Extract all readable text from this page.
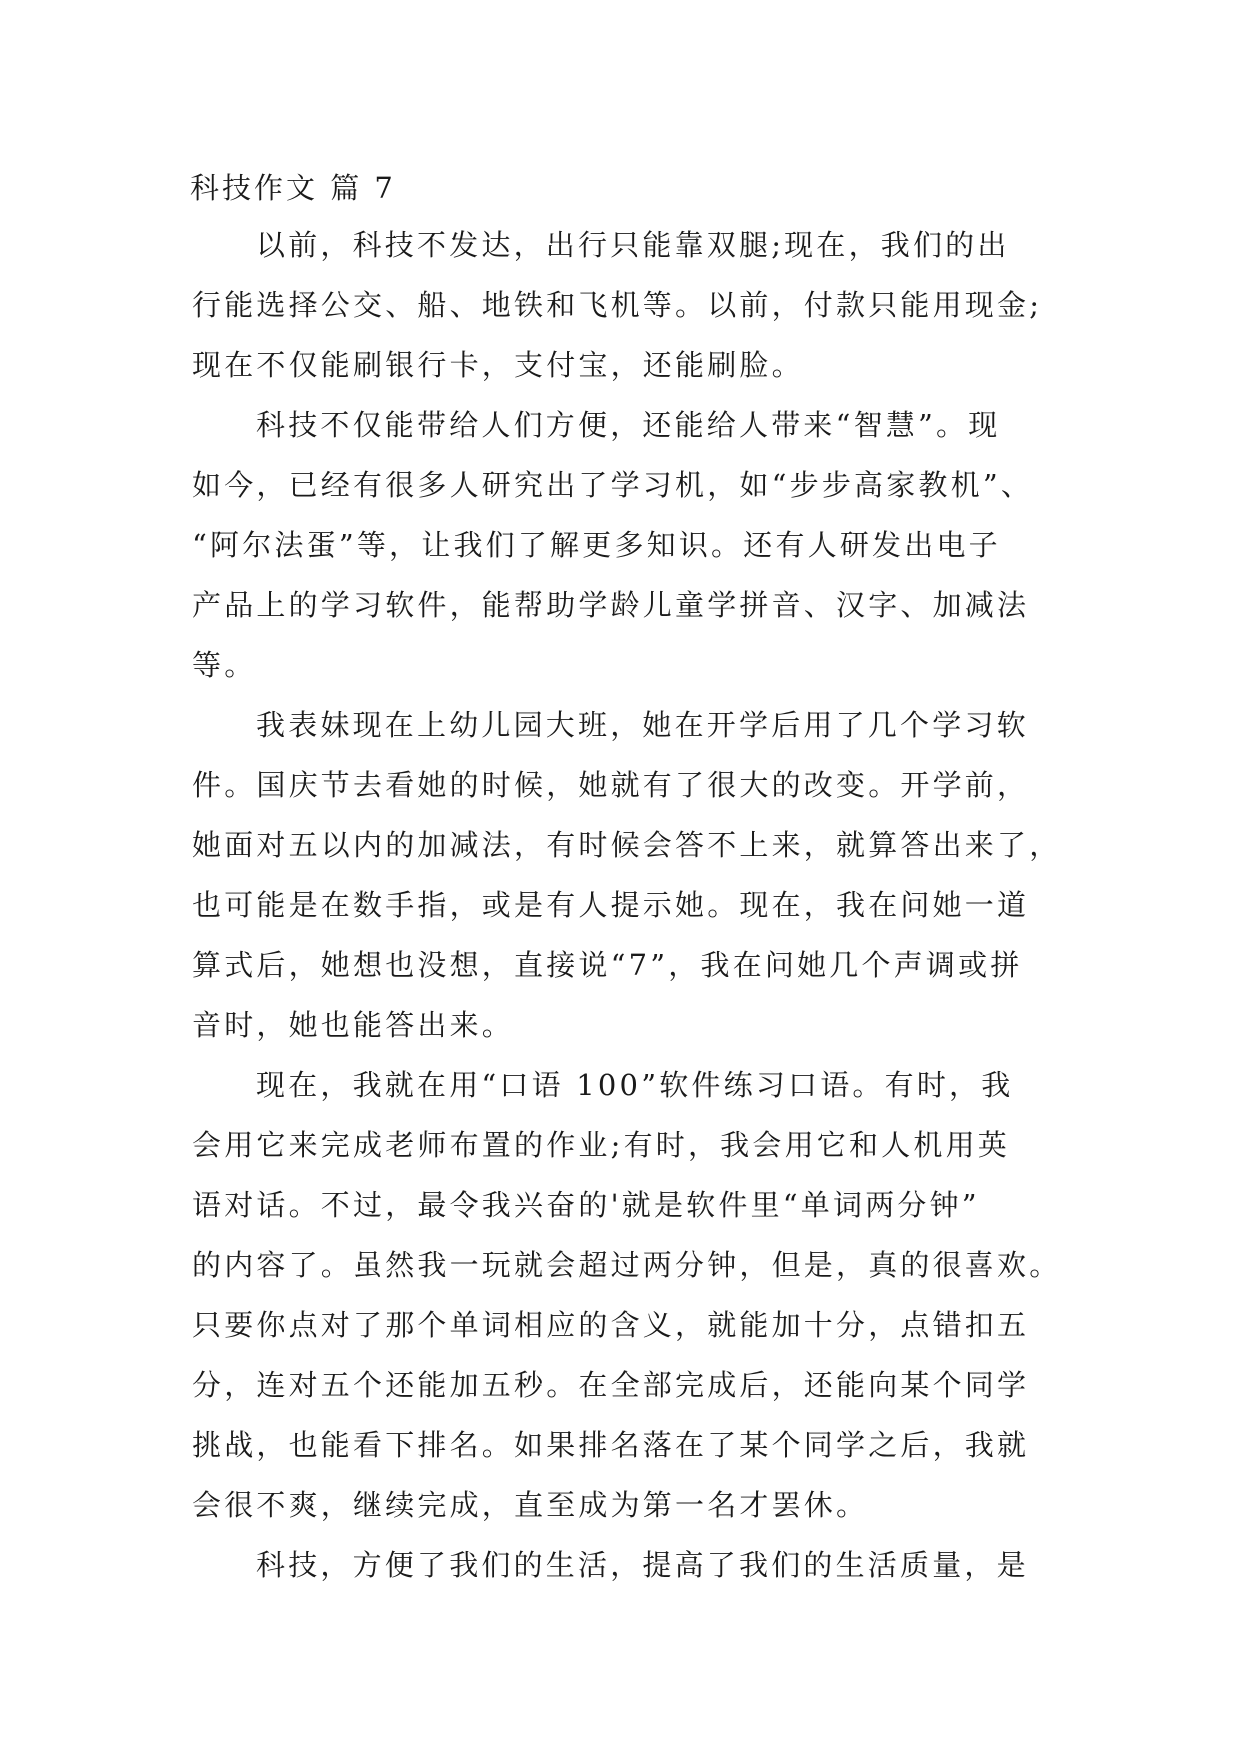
科技作文 篇 7
以前，科技不发达，出行只能靠双腿;现在，我们的出
行能选择公交、船、地铁和飞机等。以前，付款只能用现金;
现在不仅能刷银行卡，支付宝，还能刷脸。
科技不仅能带给人们方便，还能给人带来“智慧”。现
如今，已经有很多人研究出了学习机，如“步步高家教机”、
“阿尔法蛋”等，让我们了解更多知识。还有人研发出电子
产品上的学习软件，能帮助学龄儿童学拼音、汉字、加减法
等。
我表妹现在上幼儿园大班，她在开学后用了几个学习软
件。国庆节去看她的时候，她就有了很大的改变。开学前，
她面对五以内的加减法，有时候会答不上来，就算答出来了，
也可能是在数手指，或是有人提示她。现在，我在问她一道
算式后，她想也没想，直接说“7”，我在问她几个声调或拼
音时，她也能答出来。
现在，我就在用“口语 100”软件练习口语。有时，我
会用它来完成老师布置的作业;有时，我会用它和人机用英
语对话。不过，最令我兴奋的'就是软件里“单词两分钟”
的内容了。虽然我一玩就会超过两分钟，但是，真的很喜欢。
只要你点对了那个单词相应的含义，就能加十分，点错扣五
分，连对五个还能加五秒。在全部完成后，还能向某个同学
挑战，也能看下排名。如果排名落在了某个同学之后，我就
会很不爽，继续完成，直至成为第一名才罢休。
科技，方便了我们的生活，提高了我们的生活质量，是
